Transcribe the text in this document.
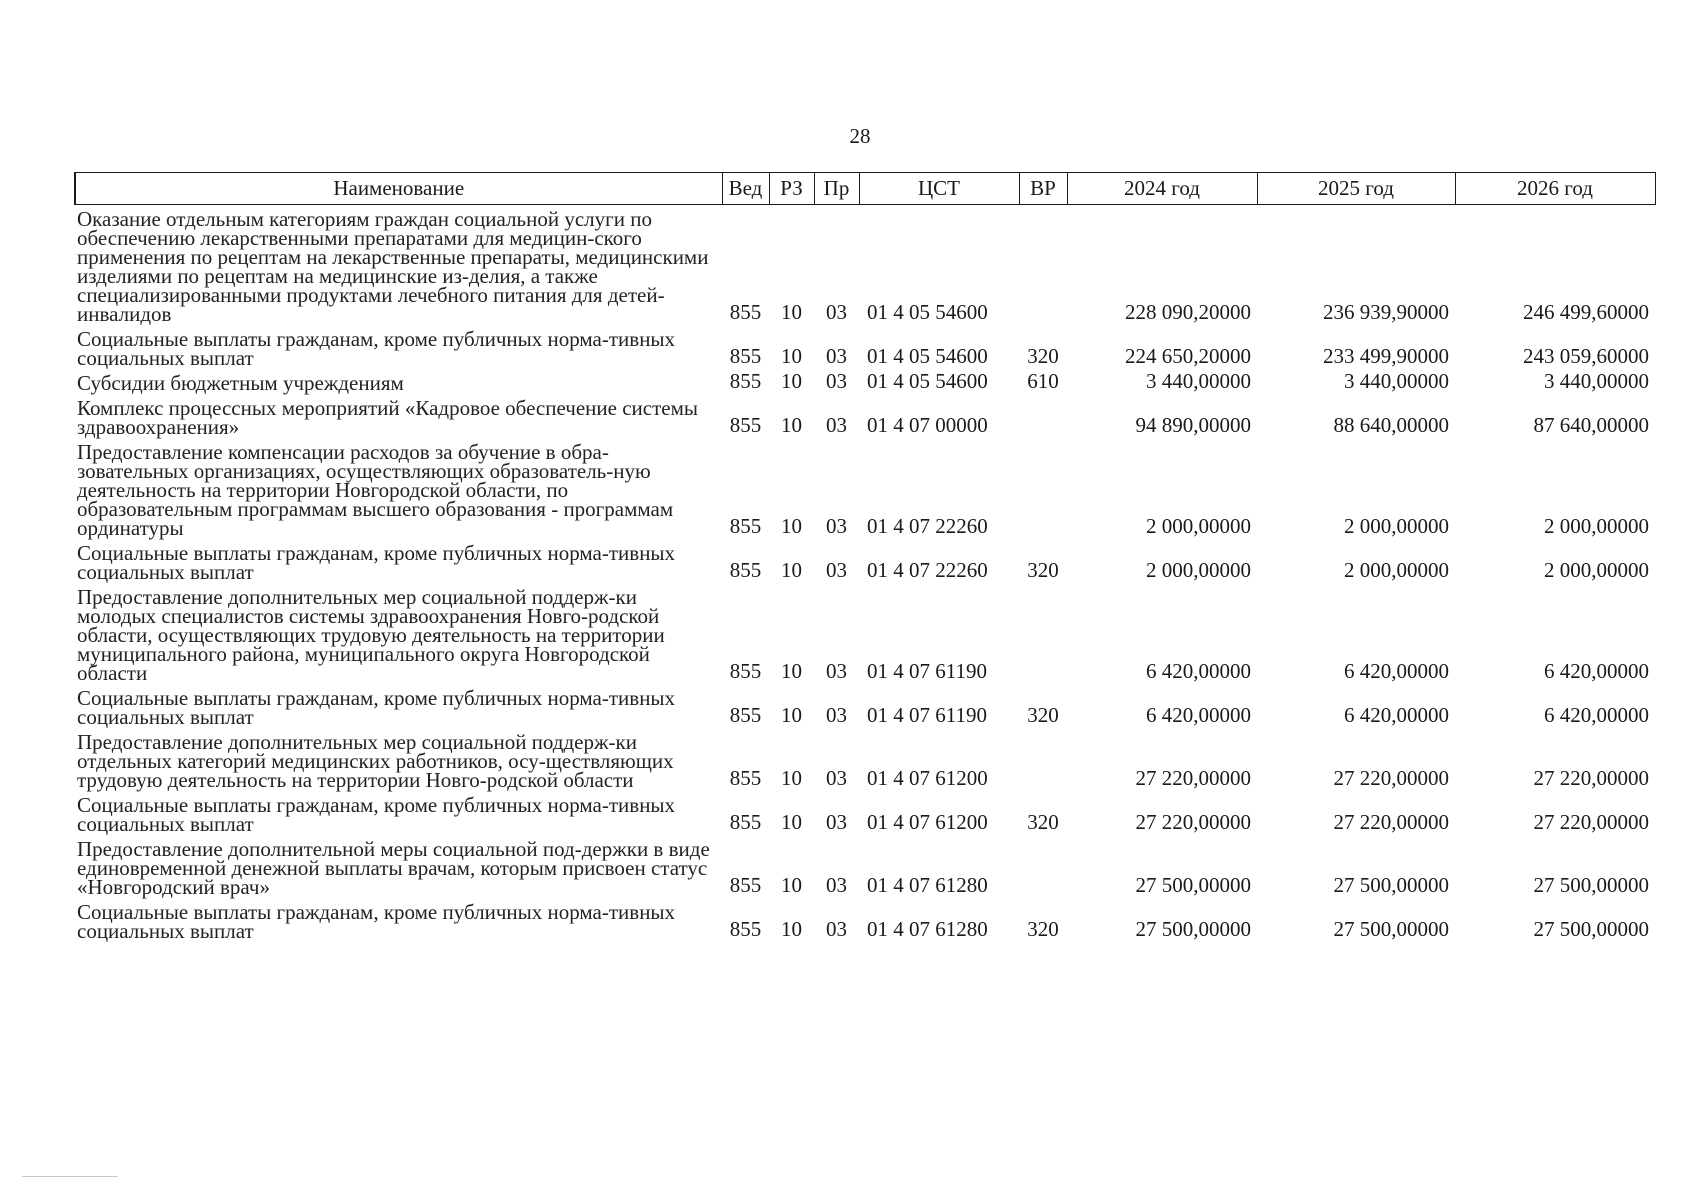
28
Наименование	Вед	РЗ	Пр	ЦСТ	ВР	2024 год	2025 год	2026 год
Оказание отдельным категориям граждан социальной услуги по обеспечению лекарственными препаратами для медицин-ского применения по рецептам на лекарственные препараты, медицинскими изделиями по рецептам на медицинские из-делия, а также специализированными продуктами лечебного питания для детей-инвалидов	855	10	03	01 4 05 54600		228 090,20000	236 939,90000	246 499,60000
Социальные выплаты гражданам, кроме публичных норма-тивных социальных выплат	855	10	03	01 4 05 54600	320	224 650,20000	233 499,90000	243 059,60000
Субсидии бюджетным учреждениям	855	10	03	01 4 05 54600	610	3 440,00000	3 440,00000	3 440,00000
Комплекс процессных мероприятий «Кадровое обеспечение системы здравоохранения»	855	10	03	01 4 07 00000		94 890,00000	88 640,00000	87 640,00000
Предоставление компенсации расходов за обучение в обра-зовательных организациях, осуществляющих образователь-ную деятельность на территории Новгородской области, по образовательным программам высшего образования - программам ординатуры	855	10	03	01 4 07 22260		2 000,00000	2 000,00000	2 000,00000
Социальные выплаты гражданам, кроме публичных норма-тивных социальных выплат	855	10	03	01 4 07 22260	320	2 000,00000	2 000,00000	2 000,00000
Предоставление дополнительных мер социальной поддерж-ки молодых специалистов системы здравоохранения Новго-родской области, осуществляющих трудовую деятельность на территории муниципального района, муниципального округа Новгородской области	855	10	03	01 4 07 61190		6 420,00000	6 420,00000	6 420,00000
Социальные выплаты гражданам, кроме публичных норма-тивных социальных выплат	855	10	03	01 4 07 61190	320	6 420,00000	6 420,00000	6 420,00000
Предоставление дополнительных мер социальной поддерж-ки отдельных категорий медицинских работников, осу-ществляющих трудовую деятельность на территории Новго-родской области	855	10	03	01 4 07 61200		27 220,00000	27 220,00000	27 220,00000
Социальные выплаты гражданам, кроме публичных норма-тивных социальных выплат	855	10	03	01 4 07 61200	320	27 220,00000	27 220,00000	27 220,00000
Предоставление дополнительной меры социальной под-держки в виде единовременной денежной выплаты врачам, которым присвоен статус «Новгородский врач»	855	10	03	01 4 07 61280		27 500,00000	27 500,00000	27 500,00000
Социальные выплаты гражданам, кроме публичных норма-тивных социальных выплат	855	10	03	01 4 07 61280	320	27 500,00000	27 500,00000	27 500,00000
